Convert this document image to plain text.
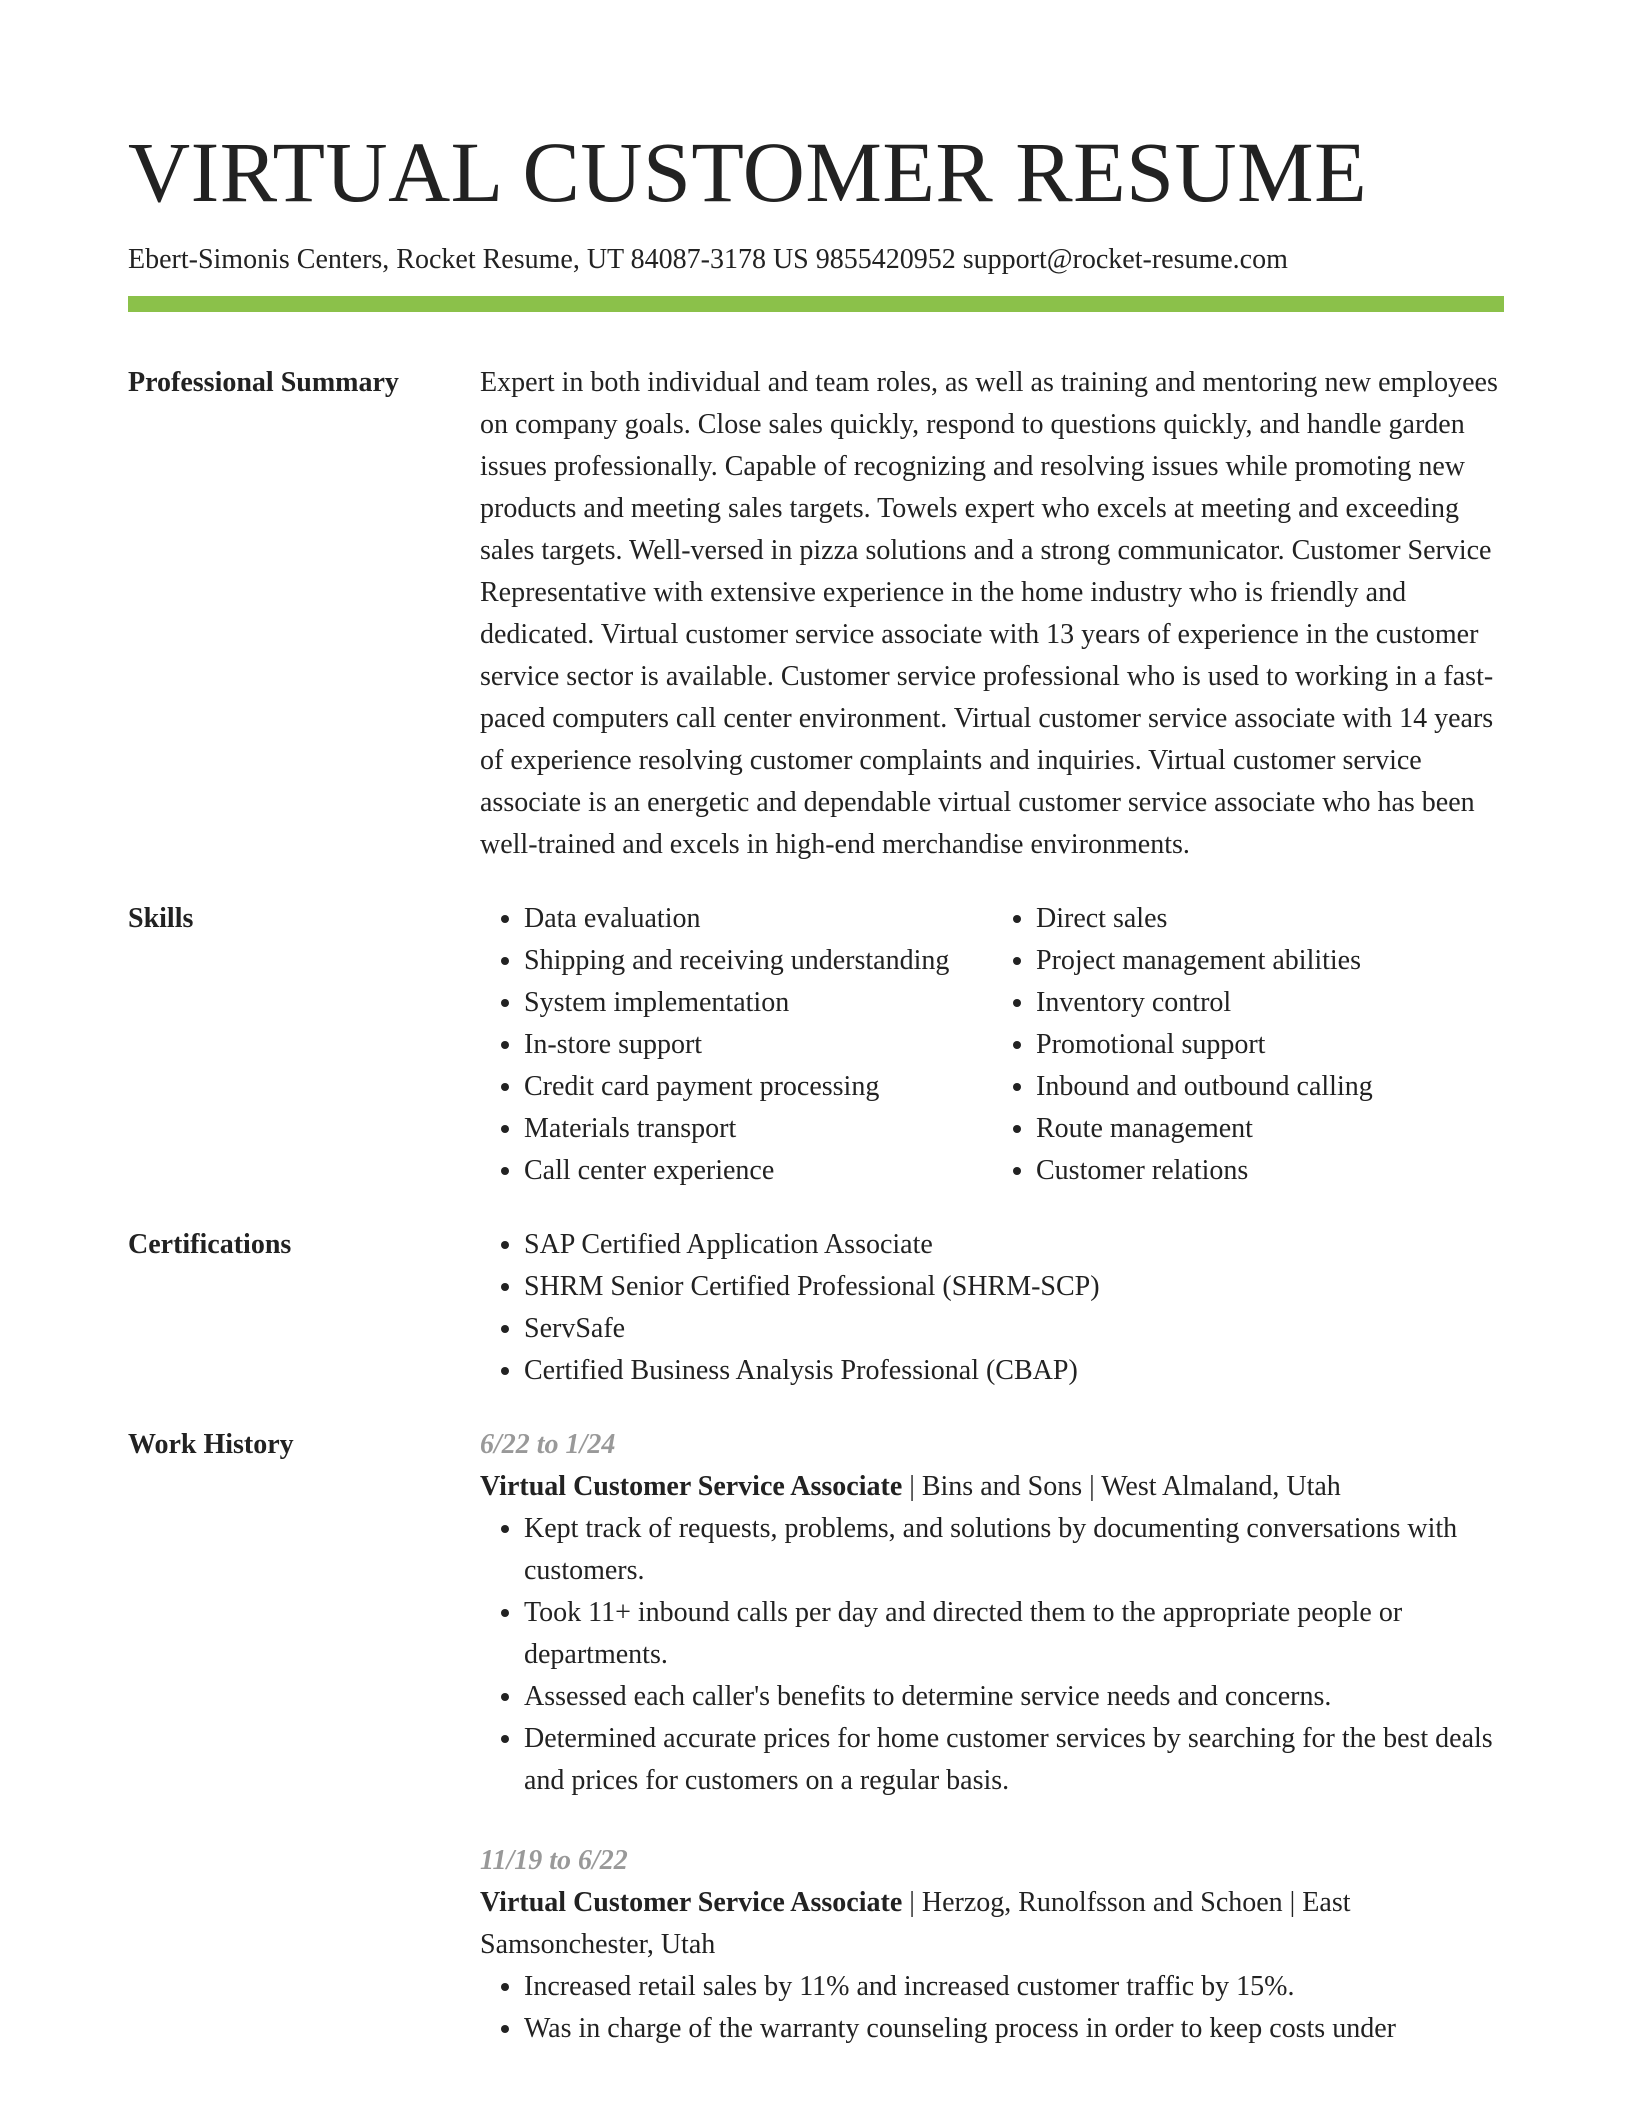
VIRTUAL CUSTOMER RESUME
Ebert-Simonis Centers, Rocket Resume, UT 84087-3178 US 9855420952 support@rocket-resume.com
Professional Summary	Expert in both individual and team roles, as well as training and mentoring new employees on company goals. Close sales quickly, respond to questions quickly, and handle garden issues professionally. Capable of recognizing and resolving issues while promoting new products and meeting sales targets. Towels expert who excels at meeting and exceeding sales targets. Well-versed in pizza solutions and a strong communicator. Customer Service Representative with extensive experience in the home industry who is friendly and dedicated. Virtual customer service associate with 13 years of experience in the customer service sector is available. Customer service professional who is used to working in a fast-paced computers call center environment. Virtual customer service associate with 14 years of experience resolving customer complaints and inquiries. Virtual customer service associate is an energetic and dependable virtual customer service associate who has been well-trained and excels in high-end merchandise environments.

Skills	• Data evaluation
• Shipping and receiving understanding
• System implementation
• In-store support
• Credit card payment processing
• Materials transport
• Call center experience
• Direct sales
• Project management abilities
• Inventory control
• Promotional support
• Inbound and outbound calling
• Route management
• Customer relations
Certifications	• SAP Certified Application Associate
• SHRM Senior Certified Professional (SHRM-SCP)
• ServSafe
• Certified Business Analysis Professional (CBAP)
Work History	6/22 to 1/24
Virtual Customer Service Associate | Bins and Sons | West Almaland, Utah
• Kept track of requests, problems, and solutions by documenting conversations with customers.
• Took 11+ inbound calls per day and directed them to the appropriate people or departments.
• Assessed each caller's benefits to determine service needs and concerns.
• Determined accurate prices for home customer services by searching for the best deals and prices for customers on a regular basis.
11/19 to 6/22
Virtual Customer Service Associate | Herzog, Runolfsson and Schoen | East Samsonchester, Utah
• Increased retail sales by 11% and increased customer traffic by 15%.
• Was in charge of the warranty counseling process in order to keep costs under
